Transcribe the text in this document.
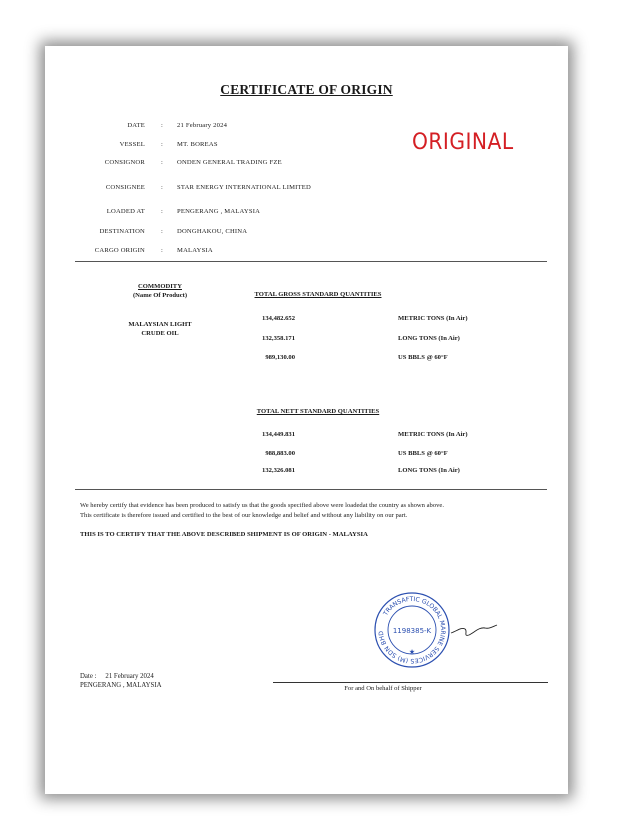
CERTIFICATE OF ORIGIN
ORIGINAL
DATE : 21 February 2024
VESSEL : MT. BOREAS
CONSIGNOR : ONDEN GENERAL TRADING FZE
CONSIGNEE : STAR ENERGY INTERNATIONAL LIMITED
LOADED AT : PENGERANG , MALAYSIA
DESTINATION : DONGHAKOU, CHINA
CARGO ORIGIN : MALAYSIA
COMMODITY
(Name Of Product)
MALAYSIAN LIGHT
CRUDE OIL
TOTAL GROSS STANDARD QUANTITIES
134,482.652	METRIC TONS (In Air)
132,358.171	LONG TONS (In Air)
989,130.00	US BBLS @ 60°F
TOTAL NETT STANDARD QUANTITIES
134,449.831	METRIC TONS (In Air)
988,883.00	US BBLS @ 60°F
132,326.081	LONG TONS (In Air)
We hereby certify that evidence has been produced to satisfy us that the goods specified above were loadedat the country as shown above.
This certificate is therefore issued and certified to the best of our knowledge and belief and without any liability on our part.
THIS IS TO CERTIFY THAT THE ABOVE DESCRIBED SHIPMENT IS OF ORIGIN - MALAYSIA
TRANSAFTIC GLOBAL MARINE SERVICES (M) SDN BHD	1198385-K
★
Date : 21 February 2024
PENGERANG , MALAYSIA	For and On behalf of Shipper
